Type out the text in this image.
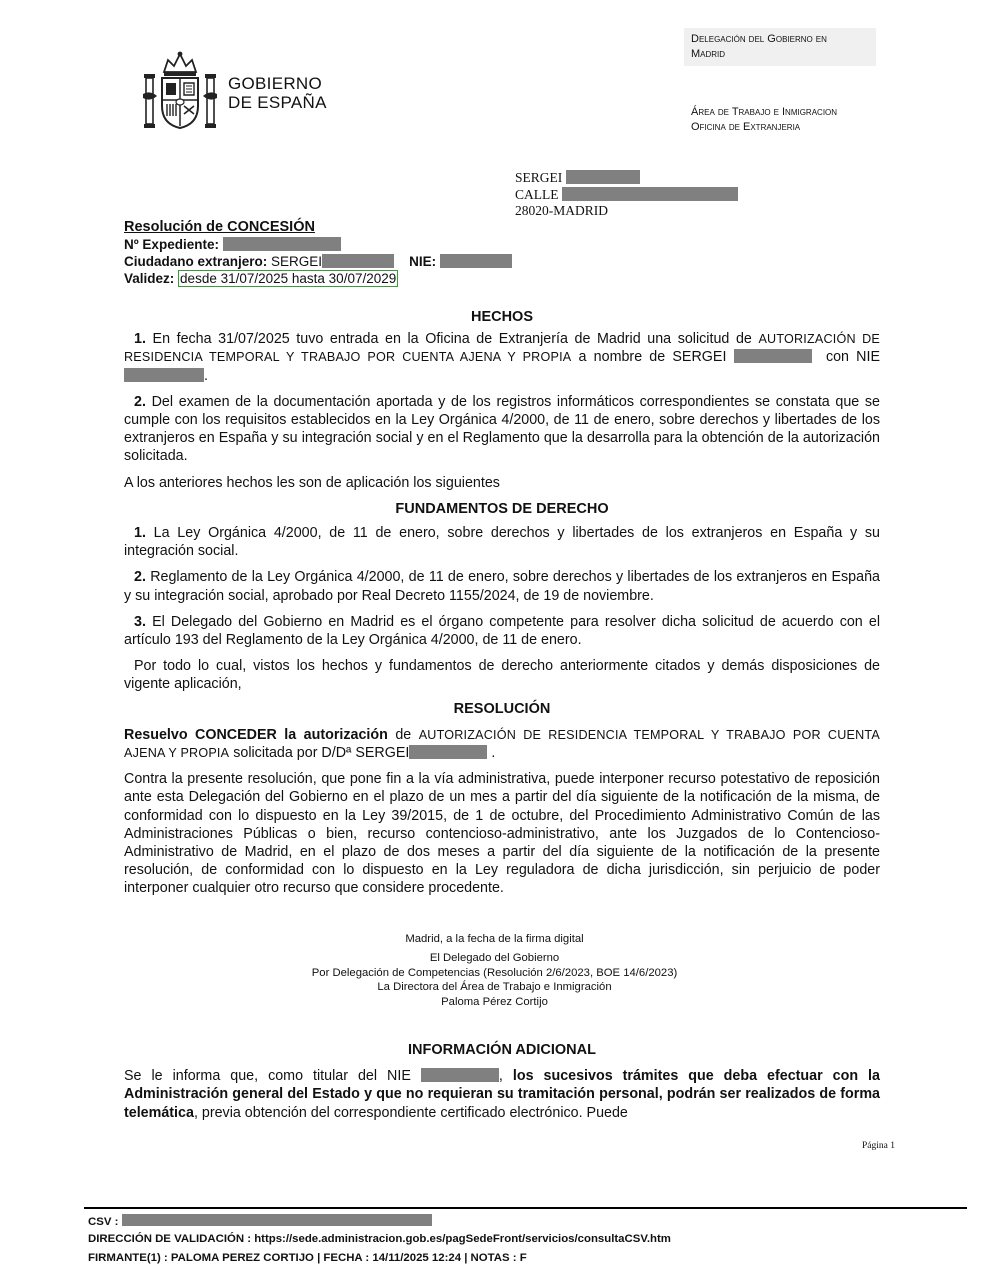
GOBIERNO
DE ESPAÑA
Delegación del Gobierno en
Madrid
Área de Trabajo e Inmigracion
Oficina de Extranjeria
SERGEI
CALLE
28020-MADRID
Resolución de CONCESIÓN
Nº Expediente:
Ciudadano extranjero: SERGEI	NIE:
Validez: desde 31/07/2025 hasta 30/07/2029
HECHOS

1. En fecha 31/07/2025 tuvo entrada en la Oficina de Extranjería de Madrid una solicitud de AUTORIZACIÓN DE RESIDENCIA TEMPORAL Y TRABAJO POR CUENTA AJENA Y PROPIA a nombre de SERGEI	con NIE .

2. Del examen de la documentación aportada y de los registros informáticos correspondientes se constata que se cumple con los requisitos establecidos en la Ley Orgánica 4/2000, de 11 de enero, sobre derechos y libertades de los extranjeros en España y su integración social y en el Reglamento que la desarrolla para la obtención de la autorización solicitada.

A los anteriores hechos les son de aplicación los siguientes

FUNDAMENTOS DE DERECHO

1. La Ley Orgánica 4/2000, de 11 de enero, sobre derechos y libertades de los extranjeros en España y su integración social.

2. Reglamento de la Ley Orgánica 4/2000, de 11 de enero, sobre derechos y libertades de los extranjeros en España y su integración social, aprobado por Real Decreto 1155/2024, de 19 de noviembre.

3. El Delegado del Gobierno en Madrid es el órgano competente para resolver dicha solicitud de acuerdo con el artículo 193 del Reglamento de la Ley Orgánica 4/2000, de 11 de enero.

Por todo lo cual, vistos los hechos y fundamentos de derecho anteriormente citados y demás disposiciones de vigente aplicación,

RESOLUCIÓN

Resuelvo CONCEDER la autorización de AUTORIZACIÓN DE RESIDENCIA TEMPORAL Y TRABAJO POR CUENTA AJENA Y PROPIA solicitada por D/Dª SERGEI	.

Contra la presente resolución, que pone fin a la vía administrativa, puede interponer recurso potestativo de reposición ante esta Delegación del Gobierno en el plazo de un mes a partir del día siguiente de la notificación de la misma, de conformidad con lo dispuesto en la Ley 39/2015, de 1 de octubre, del Procedimiento Administrativo Común de las Administraciones Públicas o bien, recurso contencioso-administrativo, ante los Juzgados de lo Contencioso-Administrativo de Madrid, en el plazo de dos meses a partir del día siguiente de la notificación de la presente resolución, de conformidad con lo dispuesto en la Ley reguladora de dicha jurisdicción, sin perjuicio de poder interponer cualquier otro recurso que considere procedente.

Madrid, a la fecha de la firma digital
El Delegado del Gobierno
Por Delegación de Competencias (Resolución 2/6/2023, BOE 14/6/2023)
La Directora del Área de Trabajo e Inmigración
Paloma Pérez Cortijo
INFORMACIÓN ADICIONAL

Se le informa que, como titular del NIE	, los sucesivos trámites que deba efectuar con la Administración general del Estado y que no requieran su tramitación personal, podrán ser realizados de forma telemática, previa obtención del correspondiente certificado electrónico. Puede

Página 1
CSV :
DIRECCIÓN DE VALIDACIÓN : https://sede.administracion.gob.es/pagSedeFront/servicios/consultaCSV.htm
FIRMANTE(1) : PALOMA PEREZ CORTIJO | FECHA : 14/11/2025 12:24 | NOTAS : F
